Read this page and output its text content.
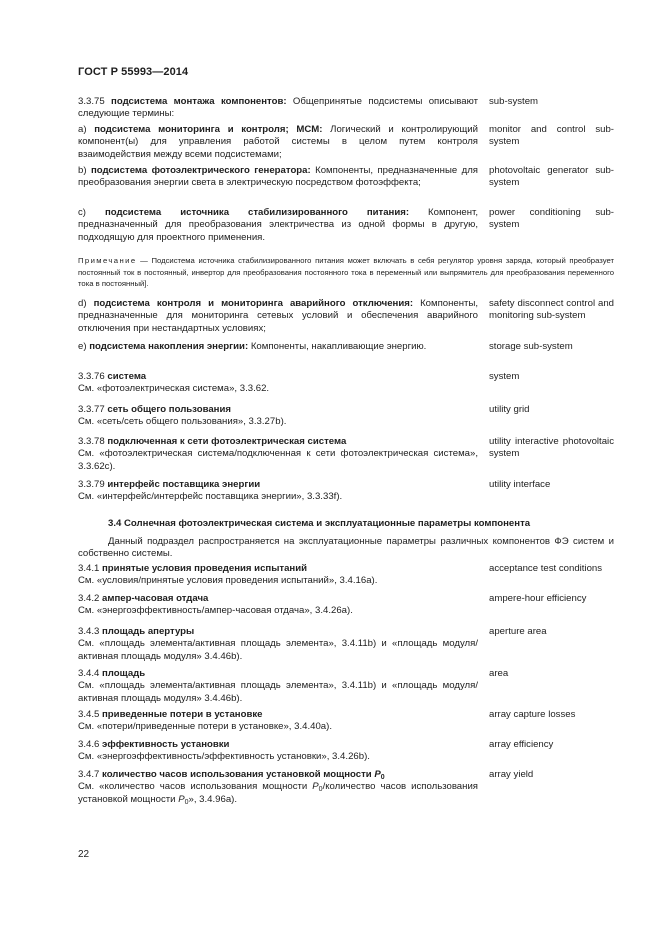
ГОСТ Р 55993—2014
3.3.75 подсистема монтажа компонентов: Общепринятые подсистемы описывают следующие термины:
sub-system
а) подсистема мониторинга и контроля; MCM: Логический и контролирующий компонент(ы) для управления работой системы в целом путем контроля взаимодействия между всеми подсистемами;
monitor and control sub-system
b) подсистема фотоэлектрического генератора: Компоненты, предназначенные для преобразования энергии света в электрическую посредством фотоэффекта;
photovoltaic generator sub-system
c) подсистема источника стабилизированного питания: Компонент, предназначенный для преобразования электричества из одной формы в другую, подходящую для проектного применения.
power conditioning sub-system
Примечание — Подсистема источника стабилизированного питания может включать в себя регулятор уровня заряда, который преобразует постоянный ток в постоянный, инвертор для преобразования постоянного тока в переменный или выпрямитель для преобразования переменного тока в постоянный].
d) подсистема контроля и мониторинга аварийного отключения: Компоненты, предназначенные для мониторинга сетевых условий и обеспечения аварийного отключения при нестандартных условиях;
safety disconnect control and monitoring sub-system
e) подсистема накопления энергии: Компоненты, накапливающие энергию.	storage sub-system
3.3.76 система
См. «фотоэлектрическая система», 3.3.62.
system
3.3.77 сеть общего пользования
См. «сеть/сеть общего пользования», 3.3.27b).
utility grid
3.3.78 подключенная к сети фотоэлектрическая система
См. «фотоэлектрическая система/подключенная к сети фотоэлектрическая система», 3.3.62c).
utility interactive photovoltaic system
3.3.79 интерфейс поставщика энергии
См. «интерфейс/интерфейс поставщика энергии», 3.3.33f).
utility interface
3.4 Солнечная фотоэлектрическая система и эксплуатационные параметры компонента
Данный подраздел распространяется на эксплуатационные параметры различных компонентов ФЭ систем и собственно системы.
3.4.1 принятые условия проведения испытаний
См. «условия/принятые условия проведения испытаний», 3.4.16а).
acceptance test conditions
3.4.2 ампер-часовая отдача
См. «энергоэффективность/ампер-часовая отдача», 3.4.26а).
ampere-hour efficiency
3.4.3 площадь апертуры
См. «площадь элемента/активная площадь элемента», 3.4.11b) и «площадь модуля/активная площадь модуля» 3.4.46b).
aperture area
3.4.4 площадь
См. «площадь элемента/активная площадь элемента», 3.4.11b) и «площадь модуля/активная площадь модуля» 3.4.46b).
area
3.4.5 приведенные потери в установке
См. «потери/приведенные потери в установке», 3.4.40а).
array capture losses
3.4.6 эффективность установки
См. «энергоэффективность/эффективность установки», 3.4.26b).
array efficiency
3.4.7 количество часов использования установкой мощности $P_0$
См. «количество часов использования мощности $P_0$/количество часов использования установкой мощности $P_0$», 3.4.96а).
array yield
22
